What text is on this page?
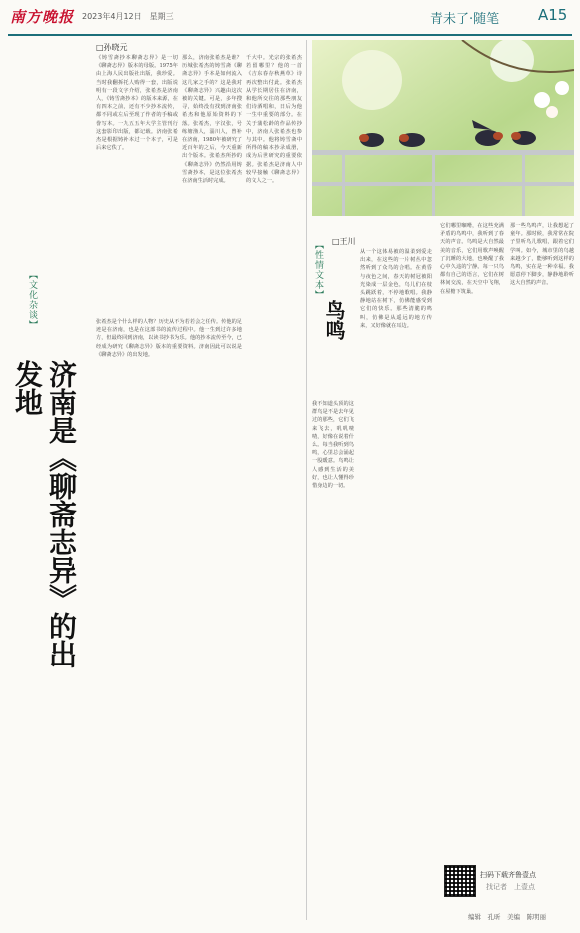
南方晚报 2023年4月12日　星期三	青未了·随笔	A15
□孙晓元
《铸雪斋抄本聊斋志异》是一切《聊斋志异》版本的母版。1975年由上海人民出版社出版，我珍爱。当时我翻拆托人购得一套，出版说明有一段文字介绍，张希杰是济南人，《铸雪斋抄本》的版本来源，在有四本之前，还有不少抄本流传，都不同或左后至现了作者的手稿或誊写本。一九五五年大学主管刊行这套影印出版，都记载。济南张希杰是根据铸补本过一个本子，可是后来它佚了。
那么，济南张希杰是谁？历城张希杰的铸雪斋《聊斋志异》手本是如何流入这几家之手的？这是我对《聊斋志异》兴趣由这次被的关键。可是，多年搜寻，始终没有找到济南张希杰和他原始资料的下落。张希杰，字汉张，号练塘渔人，淄川人，曾补在济南，1980年被研究了近百年的之后，今天重新出个版本。张希杰所抄的《聊斋志异》仍然沿用铸雪斋抄本，是这位张希杰在济南生活时完成。
千大中。光宗的张希杰若留哪里？他的一首《吉东春存秋燕草》诗再次整出付此。张希杰从学长期居住在济南，和他所交往的那些朋友们诗酒唱和，日后为他一生中重要的部分。在关于蒲松龄的作品传抄中，济南人张希杰也参与其中。他将铸雪斋中所得的稿本抄录成册，成为后世研究的重要依据。张希杰是济南人中较早接触《聊斋志异》的文人之一。
【文化杂谈】
济南是《聊斋志异》的出发地
张希杰是个什么样的人物？历史从不为若若会之任传。传他的足迹是在济南，也是在这部书的流传过程中。他一生到过许多地方，但最终回到济南，以读书抄书为乐。他的抄本流传至今，已经成为研究《聊斋志异》版本的重要资料。济南因此可以说是《聊斋志异》的出发地。
□王川
【性情文本】
鸟鸣
从一个这体易被的温柔到爱走出来，在这些的一片树丛中忽然听到了众鸟的合唱。在黄昏与夜色之间，春天的树冠被阳光染成一层金色，鸟儿们在枝头跳跃着，不停地歌唱。我静静地站在树下，仿佛能感受到它们的快乐。那些清脆的鸣叫，仿佛是从遥远的地方传来，又好像就在耳边。
它们哪里嗰嗗，在这些充满矛盾的鸟鸣中，我听到了春天的声音。鸟鸣是大自然最美的音乐，它们用歌声唤醒了沉睡的大地，也唤醒了我心中久违的宁静。每一只鸟都有自己的语言，它们在树林间交流，在天空中飞翔，在屋檐下筑巢。
那一些鸟鸣声，让我想起了童年。那时候，我常常在院子里听鸟儿歌唱，跟着它们学叫。如今，城市里的鸟越来越少了，能够听到这样的鸟鸣，实在是一种幸福。我愿意停下脚步，静静地聆听这大自然的声音。
我不知道头顶的这群鸟是不是去年见过的那些，它们飞来飞去，叽叽喳喳，好像在说着什么。每当我听到鸟鸣，心里总会涌起一股暖意。鸟鸣让人感到生活的美好，也让人懂得珍惜身边的一切。
扫码下载齐鲁壹点
找记者　上壹点
编辑　孔昕　美编　陈明丽
